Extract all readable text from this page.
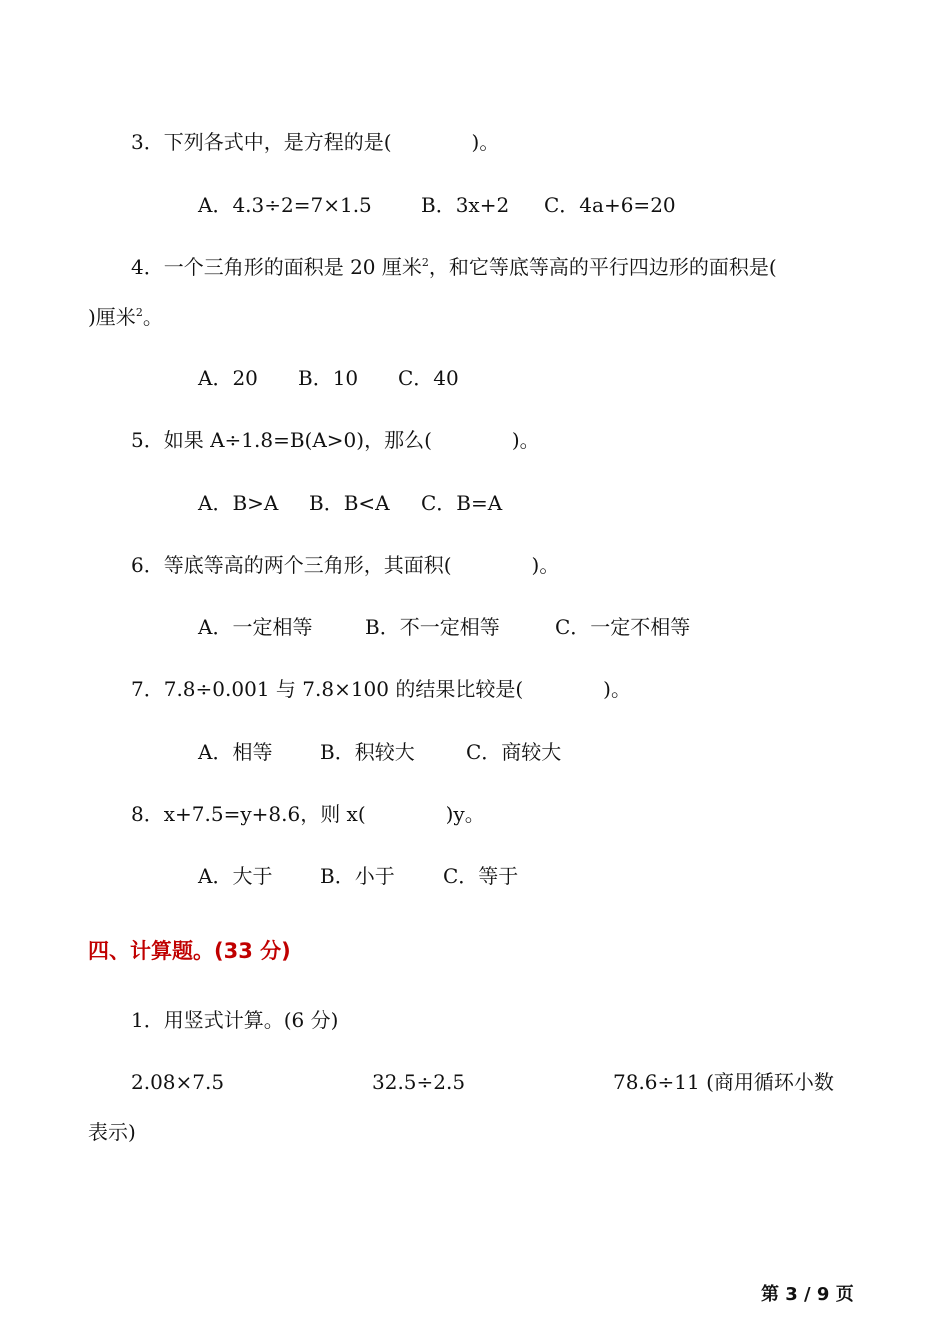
3．下列各式中，是方程的是(　　　　)。

A．4.3÷2=7×1.5 B．3x+2 C．4a+6=20

4．一个三角形的面积是 20 厘米$^2$，和它等底等高的平行四边形的面积是(

)厘米$^2$。

A．20 B．10 C．40

5．如果 A÷1.8=B(A>0)，那么(　　　　)。

A．B>A B．B<A C．B=A

6．等底等高的两个三角形，其面积(　　　　)。

A．一定相等	B．不一定相等	C．一定不相等

7．7.8÷0.001 与 7.8×100 的结果比较是(　　　　)。

A．相等 B．积较大	C．商较大

8．x+7.5=y+8.6，则 x(　　　　)y。

A．大于 B．小于 C．等于

四、计算题。(33 分)

1．用竖式计算。(6 分)

2.08×7.5	32.5÷2.5	78.6÷11 (商用循环小数

表示)

第 3 / 9 页
